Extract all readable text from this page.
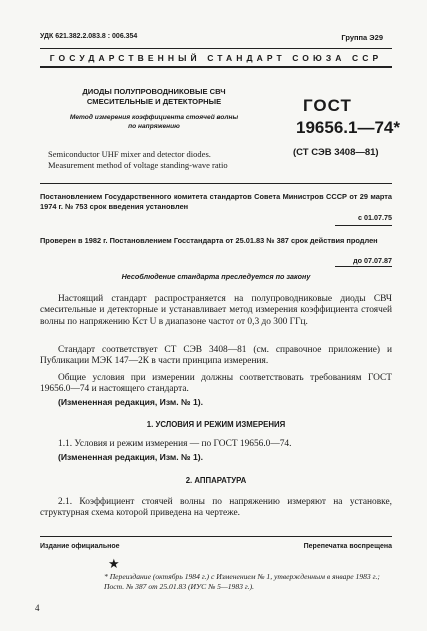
УДК 621.382.2.083.8 : 006.354	Группа Э29
ГОСУДАРСТВЕННЫЙ СТАНДАРТ СОЮЗА ССР
ДИОДЫ ПОЛУПРОВОДНИКОВЫЕ СВЧ
СМЕСИТЕЛЬНЫЕ И ДЕТЕКТОРНЫЕ
Метод измерения коэффициента стоячей волны
по напряжению
ГОСТ
19656.1—74*
(СТ СЭВ 3408—81)
Semiconductor UHF mixer and detector diodes.
Measurement method of voltage standing-wave ratio
Постановлением Государственного комитета стандартов Совета Министров СССР от 29 марта 1974 г. № 753 срок введения установлен
с 01.07.75
Проверен в 1982 г. Постановлением Госстандарта от 25.01.83 № 387 срок действия продлен
до 07.07.87
Несоблюдение стандарта преследуется по закону
Настоящий стандарт распространяется на полупроводниковые диоды СВЧ смесительные и детекторные и устанавливает метод измерения коэффициента стоячей волны по напряжению Kст U в диапазоне частот от 0,3 до 300 ГГц.
Стандарт соответствует СТ СЭВ 3408—81 (см. справочное приложение) и Публикации МЭК 147—2К в части принципа измерения.
Общие условия при измерении должны соответствовать требованиям ГОСТ 19656.0—74 и настоящего стандарта.
(Измененная редакция, Изм. № 1).
1. УСЛОВИЯ И РЕЖИМ ИЗМЕРЕНИЯ
1.1. Условия и режим измерения — по ГОСТ 19656.0—74.
(Измененная редакция, Изм. № 1).
2. АППАРАТУРА
2.1. Коэффициент стоячей волны по напряжению измеряют на установке, структурная схема которой приведена на чертеже.
Издание официальное	Перепечатка воспрещена
★
* Переиздание (октябрь 1984 г.) с Изменением № 1, утвержденным в январе 1983 г.; Пост. № 387 от 25.01.83 (ИУС № 5—1983 г.).
4
